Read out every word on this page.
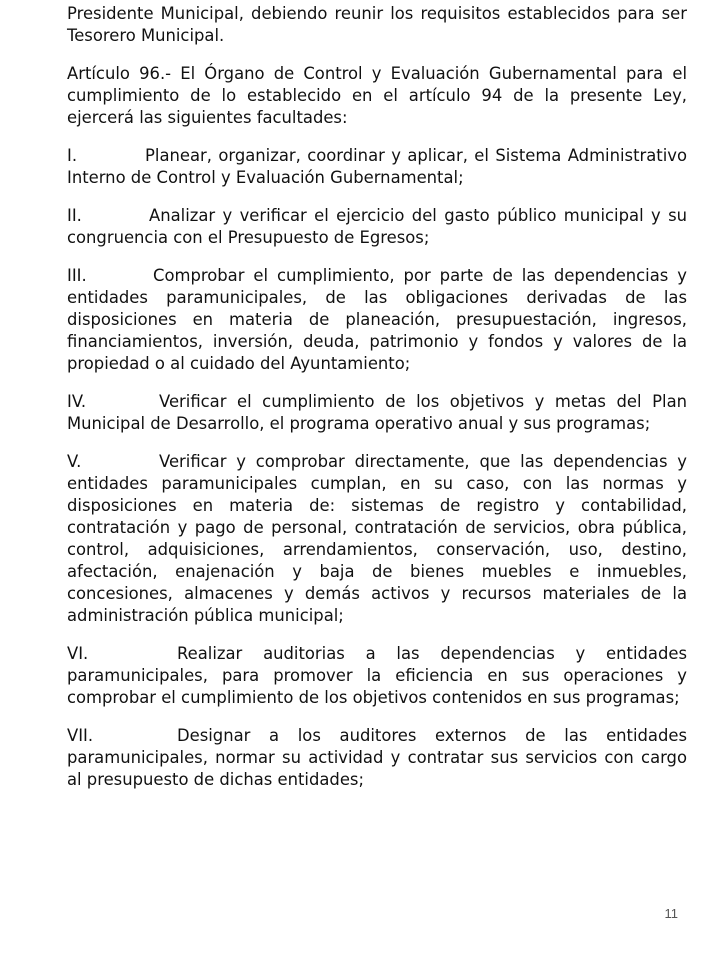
Presidente Municipal, debiendo reunir los requisitos establecidos para ser Tesorero Municipal.

Artículo 96.- El Órgano de Control y Evaluación Gubernamental para el cumplimiento de lo establecido en el artículo 94 de la presente Ley, ejercerá las siguientes facultades:

I.	Planear, organizar, coordinar y aplicar, el Sistema Administrativo Interno de Control y Evaluación Gubernamental;

II.	Analizar y verificar el ejercicio del gasto público municipal y su congruencia con el Presupuesto de Egresos;

III.	Comprobar el cumplimiento, por parte de las dependencias y entidades paramunicipales, de las obligaciones derivadas de las disposiciones en materia de planeación, presupuestación, ingresos, financiamientos, inversión, deuda, patrimonio y fondos y valores de la propiedad o al cuidado del Ayuntamiento;

IV.	Verificar el cumplimiento de los objetivos y metas del Plan Municipal de Desarrollo, el programa operativo anual y sus programas;

V.	Verificar y comprobar directamente, que las dependencias y entidades paramunicipales cumplan, en su caso, con las normas y disposiciones en materia de: sistemas de registro y contabilidad, contratación y pago de personal, contratación de servicios, obra pública, control, adquisiciones, arrendamientos, conservación, uso, destino, afectación, enajenación y baja de bienes muebles e inmuebles, concesiones, almacenes y demás activos y recursos materiales de la administración pública municipal;

VI.	Realizar auditorias a las dependencias y entidades paramunicipales, para promover la eficiencia en sus operaciones y comprobar el cumplimiento de los objetivos contenidos en sus programas;

VII.	Designar a los auditores externos de las entidades paramunicipales, normar su actividad y contratar sus servicios con cargo al presupuesto de dichas entidades;

11
